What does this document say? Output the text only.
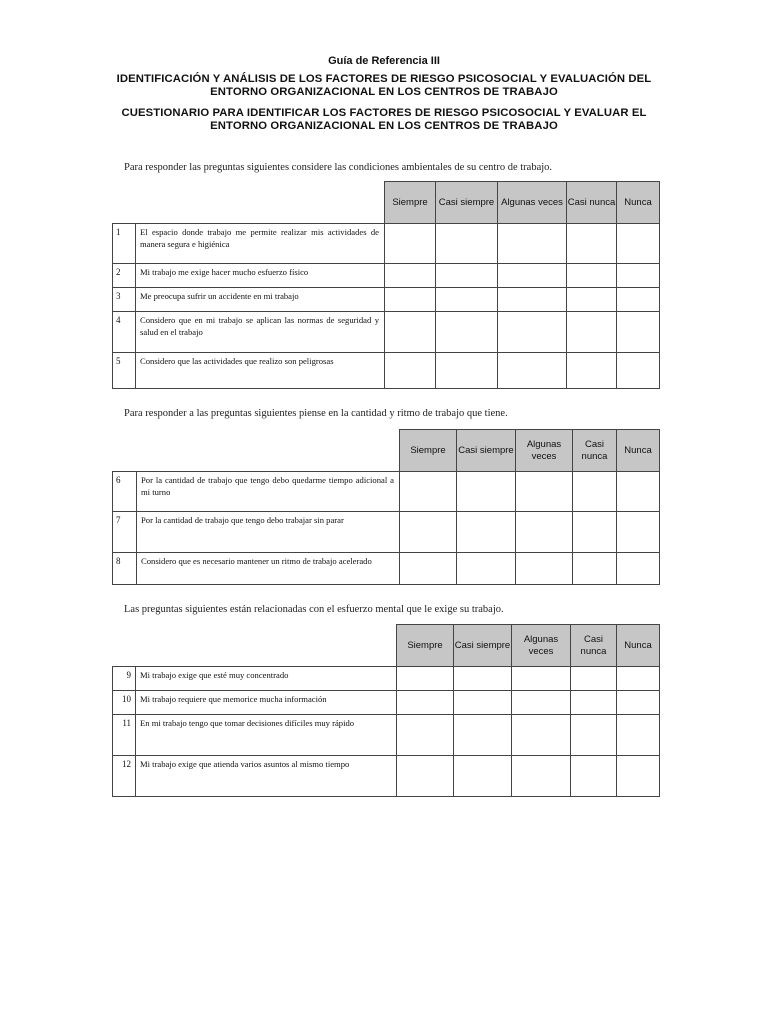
Guía de Referencia III
IDENTIFICACIÓN Y ANÁLISIS DE LOS FACTORES DE RIESGO PSICOSOCIAL Y EVALUACIÓN DEL ENTORNO ORGANIZACIONAL EN LOS CENTROS DE TRABAJO
CUESTIONARIO PARA IDENTIFICAR LOS FACTORES DE RIESGO PSICOSOCIAL Y EVALUAR EL ENTORNO ORGANIZACIONAL EN LOS CENTROS DE TRABAJO
Para responder las preguntas siguientes considere las condiciones ambientales de su centro de trabajo.
		Siempre	Casi siempre	Algunas veces	Casi nunca	Nunca
1	El espacio donde trabajo me permite realizar mis actividades de manera segura e higiénica					
2	Mi trabajo me exige hacer mucho esfuerzo físico					
3	Me preocupa sufrir un accidente en mi trabajo					
4	Considero que en mi trabajo se aplican las normas de seguridad y salud en el trabajo					
5	Considero que las actividades que realizo son peligrosas					
Para responder a las preguntas siguientes piense en la cantidad y ritmo de trabajo que tiene.
		Siempre	Casi siempre	Algunas veces	Casi nunca	Nunca
6	Por la cantidad de trabajo que tengo debo quedarme tiempo adicional a mi turno					
7	Por la cantidad de trabajo que tengo debo trabajar sin parar					
8	Considero que es necesario mantener un ritmo de trabajo acelerado					
Las preguntas siguientes están relacionadas con el esfuerzo mental que le exige su trabajo.
		Siempre	Casi siempre	Algunas veces	Casi nunca	Nunca
9	Mi trabajo exige que esté muy concentrado					
10	Mi trabajo requiere que memorice mucha información					
11	En mi trabajo tengo que tomar decisiones difíciles muy rápido					
12	Mi trabajo exige que atienda varios asuntos al mismo tiempo					
